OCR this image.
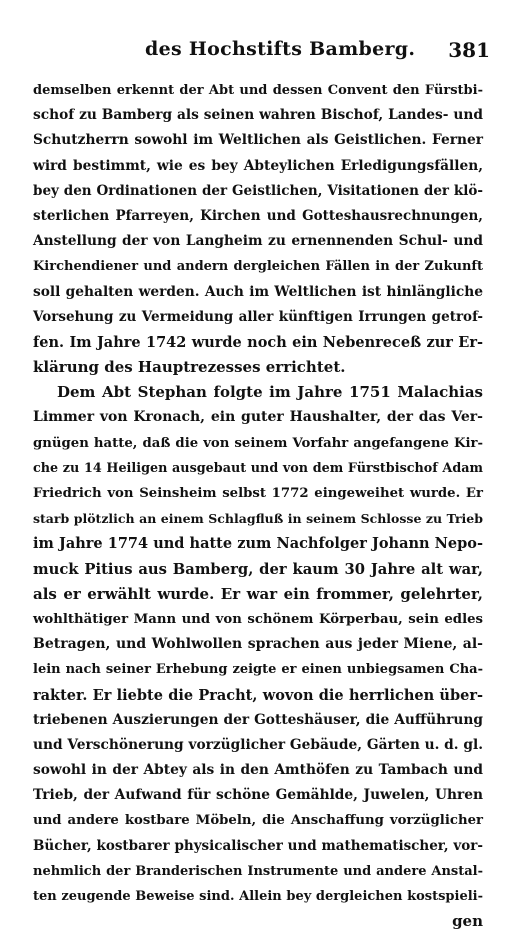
des Hochstifts Bamberg. 381
demselben erkennt der Abt und dessen Convent den Fürstbi-
schof zu Bamberg als seinen wahren Bischof, Landes- und
Schutzherrn sowohl im Weltlichen als Geistlichen. Ferner
wird bestimmt, wie es bey Abteylichen Erledigungsfällen,
bey den Ordinationen der Geistlichen, Visitationen der klö-
sterlichen Pfarreyen, Kirchen und Gotteshausrechnungen,
Anstellung der von Langheim zu ernennenden Schul- und
Kirchendiener und andern dergleichen Fällen in der Zukunft
soll gehalten werden. Auch im Weltlichen ist hinlängliche
Vorsehung zu Vermeidung aller künftigen Irrungen getrof-
fen. Im Jahre 1742 wurde noch ein Nebenreceß zur Er-
klärung des Hauptrezesses errichtet.
Dem Abt Stephan folgte im Jahre 1751 Malachias
Limmer von Kronach, ein guter Haushalter, der das Ver-
gnügen hatte, daß die von seinem Vorfahr angefangene Kir-
che zu 14 Heiligen ausgebaut und von dem Fürstbischof Adam
Friedrich von Seinsheim selbst 1772 eingeweihet wurde. Er
starb plötzlich an einem Schlagfluß in seinem Schlosse zu Trieb
im Jahre 1774 und hatte zum Nachfolger Johann Nepo-
muck Pitius aus Bamberg, der kaum 30 Jahre alt war,
als er erwählt wurde. Er war ein frommer, gelehrter,
wohlthätiger Mann und von schönem Körperbau, sein edles
Betragen, und Wohlwollen sprachen aus jeder Miene, al-
lein nach seiner Erhebung zeigte er einen unbiegsamen Cha-
rakter. Er liebte die Pracht, wovon die herrlichen über-
triebenen Auszierungen der Gotteshäuser, die Aufführung
und Verschönerung vorzüglicher Gebäude, Gärten u. d. gl.
sowohl in der Abtey als in den Amthöfen zu Tambach und
Trieb, der Aufwand für schöne Gemählde, Juwelen, Uhren
und andere kostbare Möbeln, die Anschaffung vorzüglicher
Bücher, kostbarer physicalischer und mathematischer, vor-
nehmlich der Branderischen Instrumente und andere Anstal-
ten zeugende Beweise sind. Allein bey dergleichen kostspieli-
gen
